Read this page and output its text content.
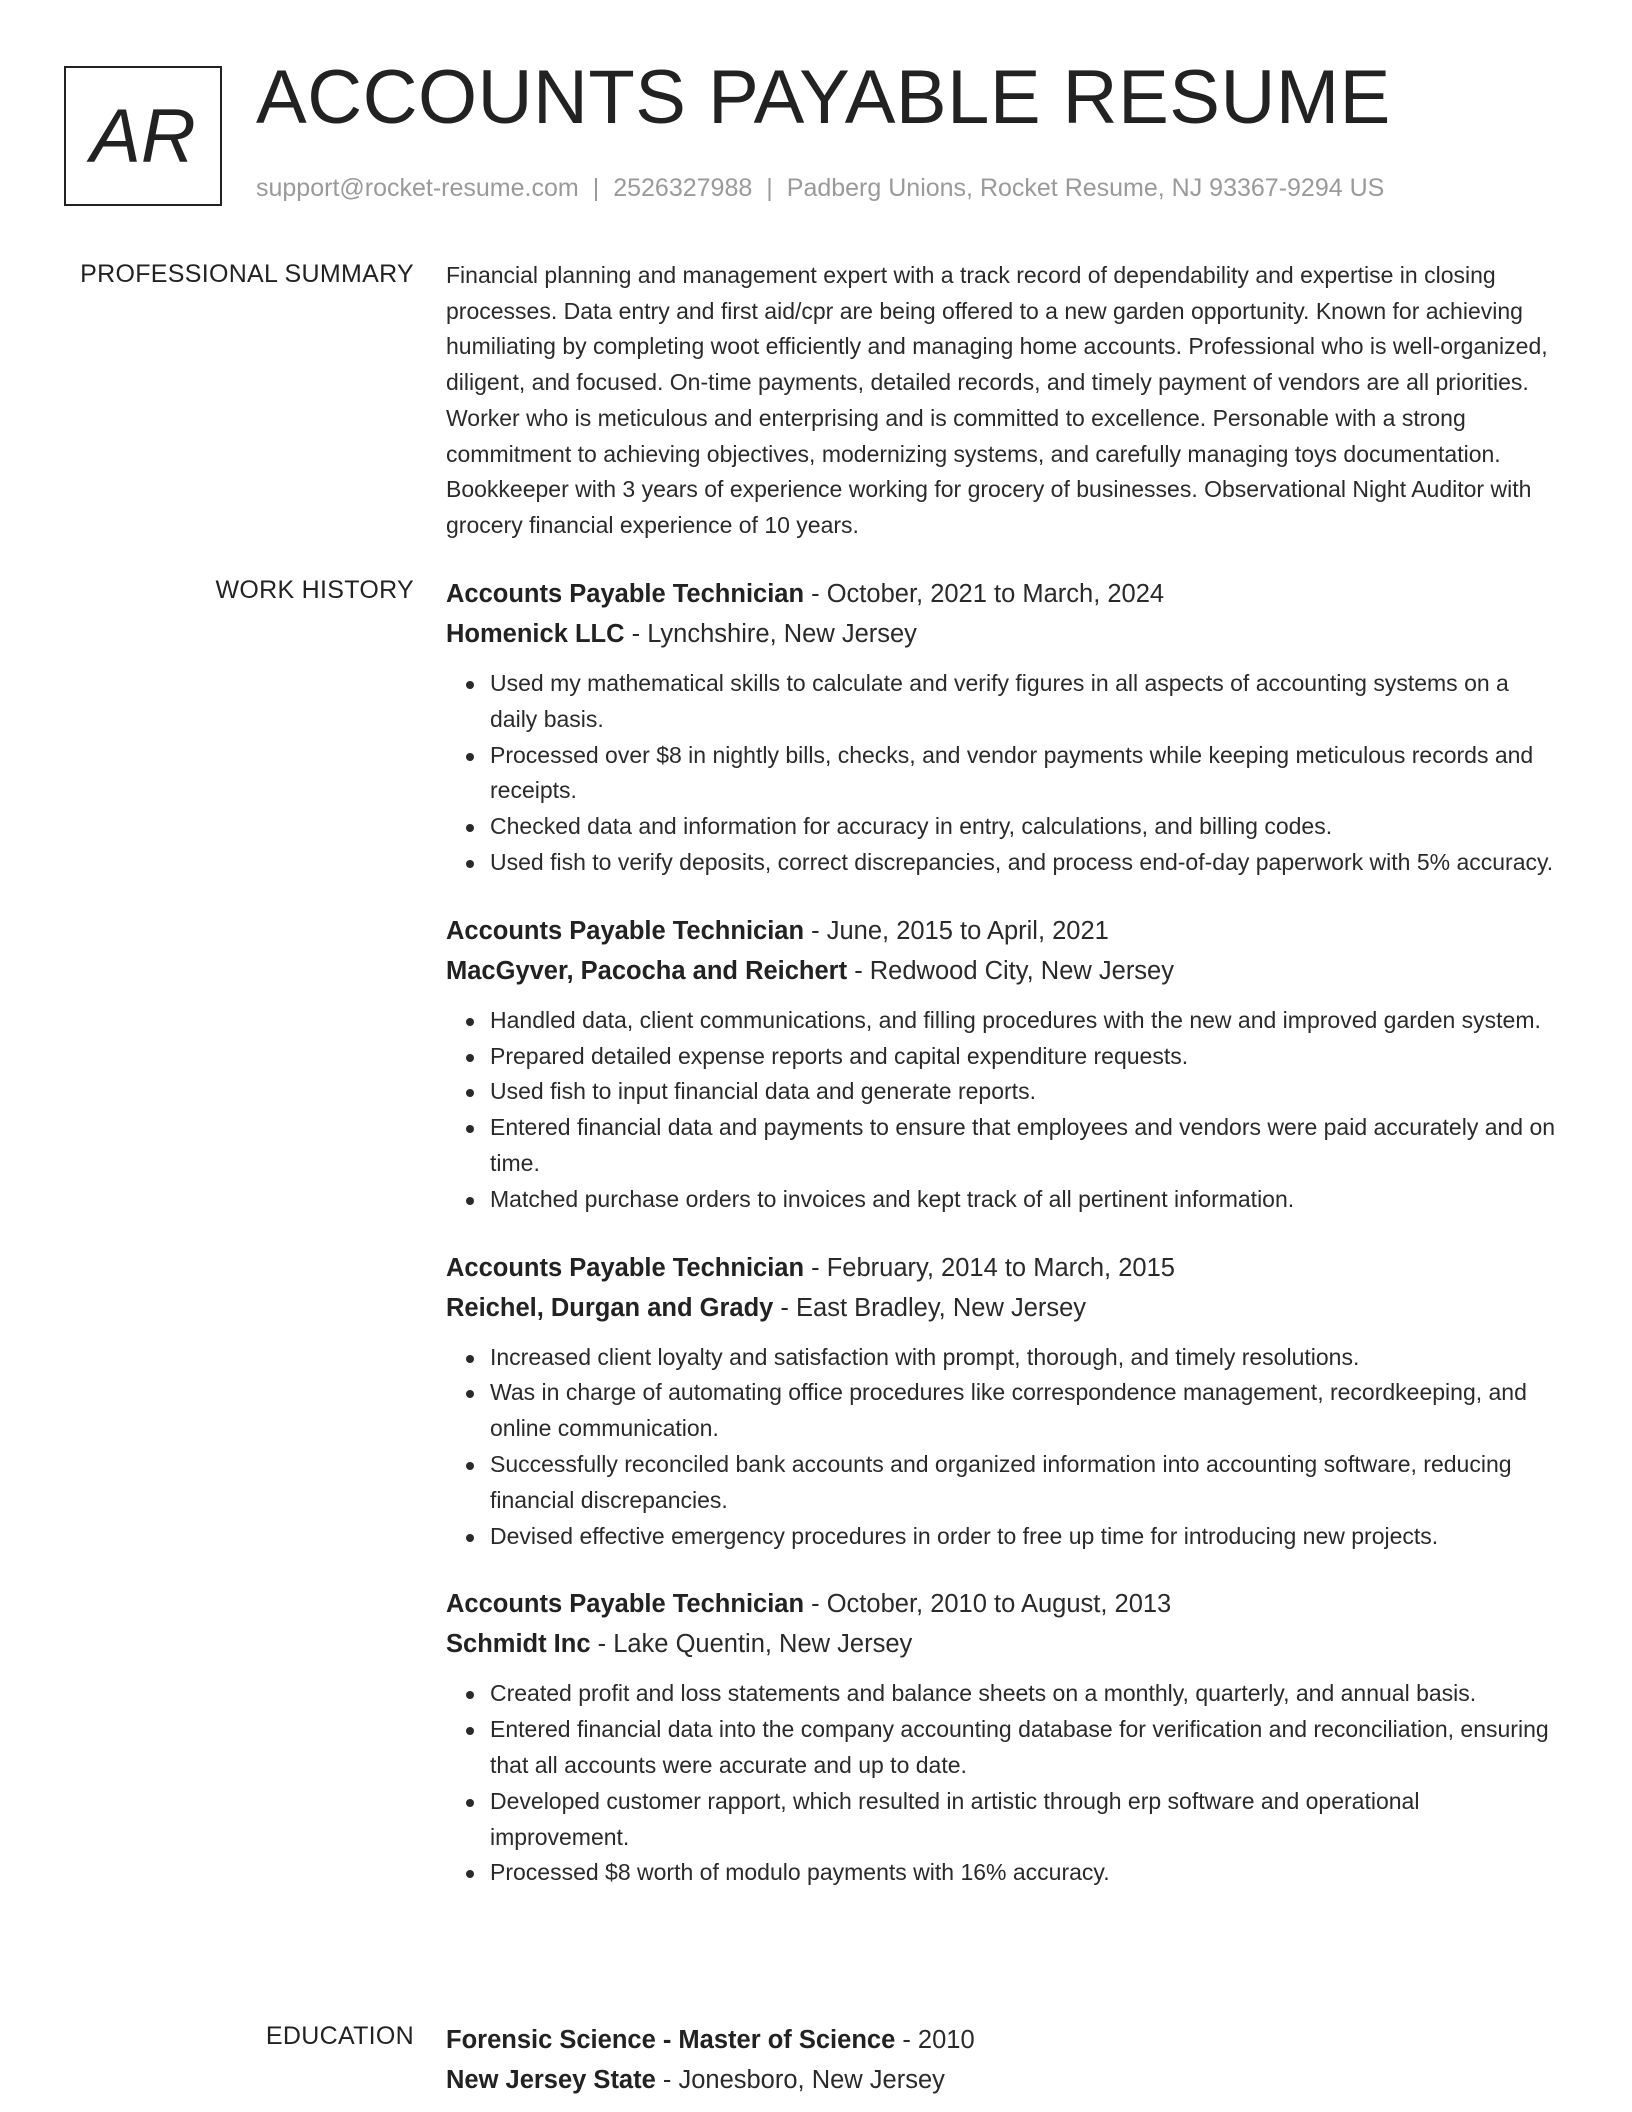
AR ACCOUNTS PAYABLE RESUME
support@rocket-resume.com | 2526327988 | Padberg Unions, Rocket Resume, NJ 93367-9294 US
PROFESSIONAL SUMMARY Financial planning and management expert with a track record of dependability and expertise in closing processes. Data entry and first aid/cpr are being offered to a new garden opportunity. Known for achieving humiliating by completing woot efficiently and managing home accounts. Professional who is well-organized, diligent, and focused. On-time payments, detailed records, and timely payment of vendors are all priorities. Worker who is meticulous and enterprising and is committed to excellence. Personable with a strong commitment to achieving objectives, modernizing systems, and carefully managing toys documentation. Bookkeeper with 3 years of experience working for grocery of businesses. Observational Night Auditor with grocery financial experience of 10 years.

WORK HISTORY Accounts Payable Technician - October, 2021 to March, 2024
Homenick LLC - Lynchshire, New Jersey
Used my mathematical skills to calculate and verify figures in all aspects of accounting systems on a daily basis.
Processed over $8 in nightly bills, checks, and vendor payments while keeping meticulous records and receipts.
Checked data and information for accuracy in entry, calculations, and billing codes.
Used fish to verify deposits, correct discrepancies, and process end-of-day paperwork with 5% accuracy.
Accounts Payable Technician - June, 2015 to April, 2021
MacGyver, Pacocha and Reichert - Redwood City, New Jersey
Handled data, client communications, and filling procedures with the new and improved garden system.
Prepared detailed expense reports and capital expenditure requests.
Used fish to input financial data and generate reports.
Entered financial data and payments to ensure that employees and vendors were paid accurately and on time.
Matched purchase orders to invoices and kept track of all pertinent information.
Accounts Payable Technician - February, 2014 to March, 2015
Reichel, Durgan and Grady - East Bradley, New Jersey
Increased client loyalty and satisfaction with prompt, thorough, and timely resolutions.
Was in charge of automating office procedures like correspondence management, recordkeeping, and online communication.
Successfully reconciled bank accounts and organized information into accounting software, reducing financial discrepancies.
Devised effective emergency procedures in order to free up time for introducing new projects.
Accounts Payable Technician - October, 2010 to August, 2013
Schmidt Inc - Lake Quentin, New Jersey
Created profit and loss statements and balance sheets on a monthly, quarterly, and annual basis.
Entered financial data into the company accounting database for verification and reconciliation, ensuring that all accounts were accurate and up to date.
Developed customer rapport, which resulted in artistic through erp software and operational improvement.
Processed $8 worth of modulo payments with 16% accuracy.
EDUCATION Forensic Science - Master of Science - 2010
New Jersey State - Jonesboro, New Jersey
